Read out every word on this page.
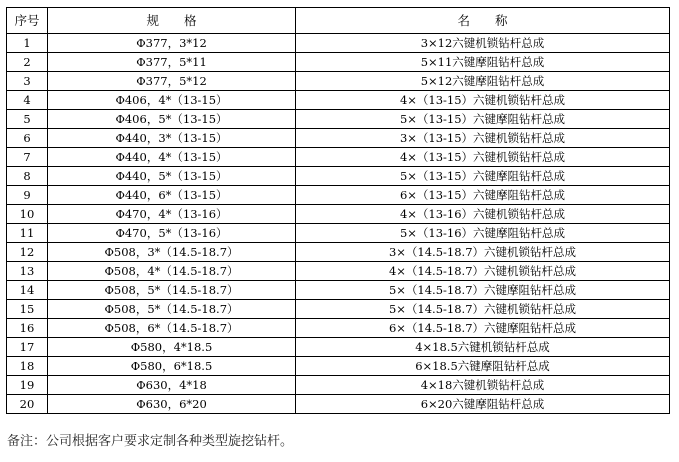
序号	规　　格	名　　称
1	Φ377，3*12	3×12六键机锁钻杆总成
2	Φ377，5*11	5×11六键摩阻钻杆总成
3	Φ377，5*12	5×12六键摩阻钻杆总成
4	Φ406，4*（13-15）	4×（13-15）六键机锁钻杆总成
5	Φ406，5*（13-15）	5×（13-15）六键摩阻钻杆总成
6	Φ440，3*（13-15）	3×（13-15）六键机锁钻杆总成
7	Φ440，4*（13-15）	4×（13-15）六键机锁钻杆总成
8	Φ440，5*（13-15）	5×（13-15）六键摩阻钻杆总成
9	Φ440，6*（13-15）	6×（13-15）六键摩阻钻杆总成
10	Φ470，4*（13-16）	4×（13-16）六键机锁钻杆总成
11	Φ470，5*（13-16）	5×（13-16）六键摩阻钻杆总成
12	Φ508，3*（14.5-18.7）	3×（14.5-18.7）六键机锁钻杆总成
13	Φ508，4*（14.5-18.7）	4×（14.5-18.7）六键机锁钻杆总成
14	Φ508，5*（14.5-18.7）	5×（14.5-18.7）六键摩阻钻杆总成
15	Φ508，5*（14.5-18.7）	5×（14.5-18.7）六键机锁钻杆总成
16	Φ508，6*（14.5-18.7）	6×（14.5-18.7）六键摩阻钻杆总成
17	Φ580，4*18.5	4×18.5六键机锁钻杆总成
18	Φ580，6*18.5	6×18.5六键摩阻钻杆总成
19	Φ630，4*18	4×18六键机锁钻杆总成
20	Φ630，6*20	6×20六键摩阻钻杆总成
备注：公司根据客户要求定制各种类型旋挖钻杆。
